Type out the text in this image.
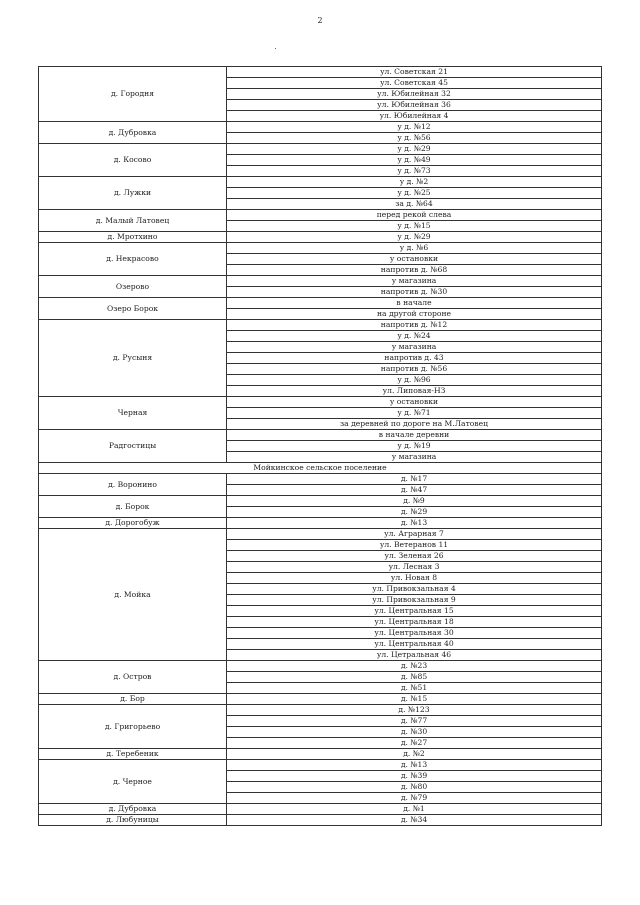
2
д. Городня	ул. Советская 21
	ул. Советская 45
	ул. Юбилейная 32
	ул. Юбилейная 36
	ул. Юбилейная 4
д. Дубровка	у д. №12
	у д. №56
д. Косово	у д. №29
	у д. №49
	у д. №73
д. Лужки	у д. №2
	у д. №25
	за д. №64
д. Малый Латовец	перед рекой слева
	у д. №15
д. Мротхино	у д. №29
д. Некрасово	у д. №6
	у остановки
	напротив д. №68
Озерово	у магазина
	напротив д. №30
Озеро Борок	в начале
	на другой стороне
д. Русыня	напротив д. №12
	у д. №24
	у магазина
	напротив д. 43
	напротив д. №56
	у д. №96
	ул. Липовая-НЗ
Черная	у остановки
	у д. №71
	за деревней по дороге на М.Латовец
Радгостицы	в начале деревни
	у д. №19
	у магазина
Мойкинское сельское поселение	
д. Воронино	д. №17
	д. №47
д. Борок	д. №9
	д. №29
д. Дорогобуж	д. №13
д. Мойка	ул. Аграрная 7
	ул. Ветеранов 11
	ул. Зеленая 26
	ул. Лесная 3
	ул. Новая 8
	ул. Привокзальная 4
	ул. Привокзальная 9
	ул. Центральная 15
	ул. Центральная 18
	ул. Центральная 30
	ул. Центральная 40
	ул. Цетральная 46
д. Остров	д. №23
	д. №85
	д. №51
д. Бор	д. №15
д. Григорьево	д. №123
	д. №77
	д. №30
	д. №27
д. Теребеник	д. №2
д. Черное	д. №13
	д. №39
	д. №80
	д. №79
д. Дубровка	д. №1
д. Любуницы	д. №34
